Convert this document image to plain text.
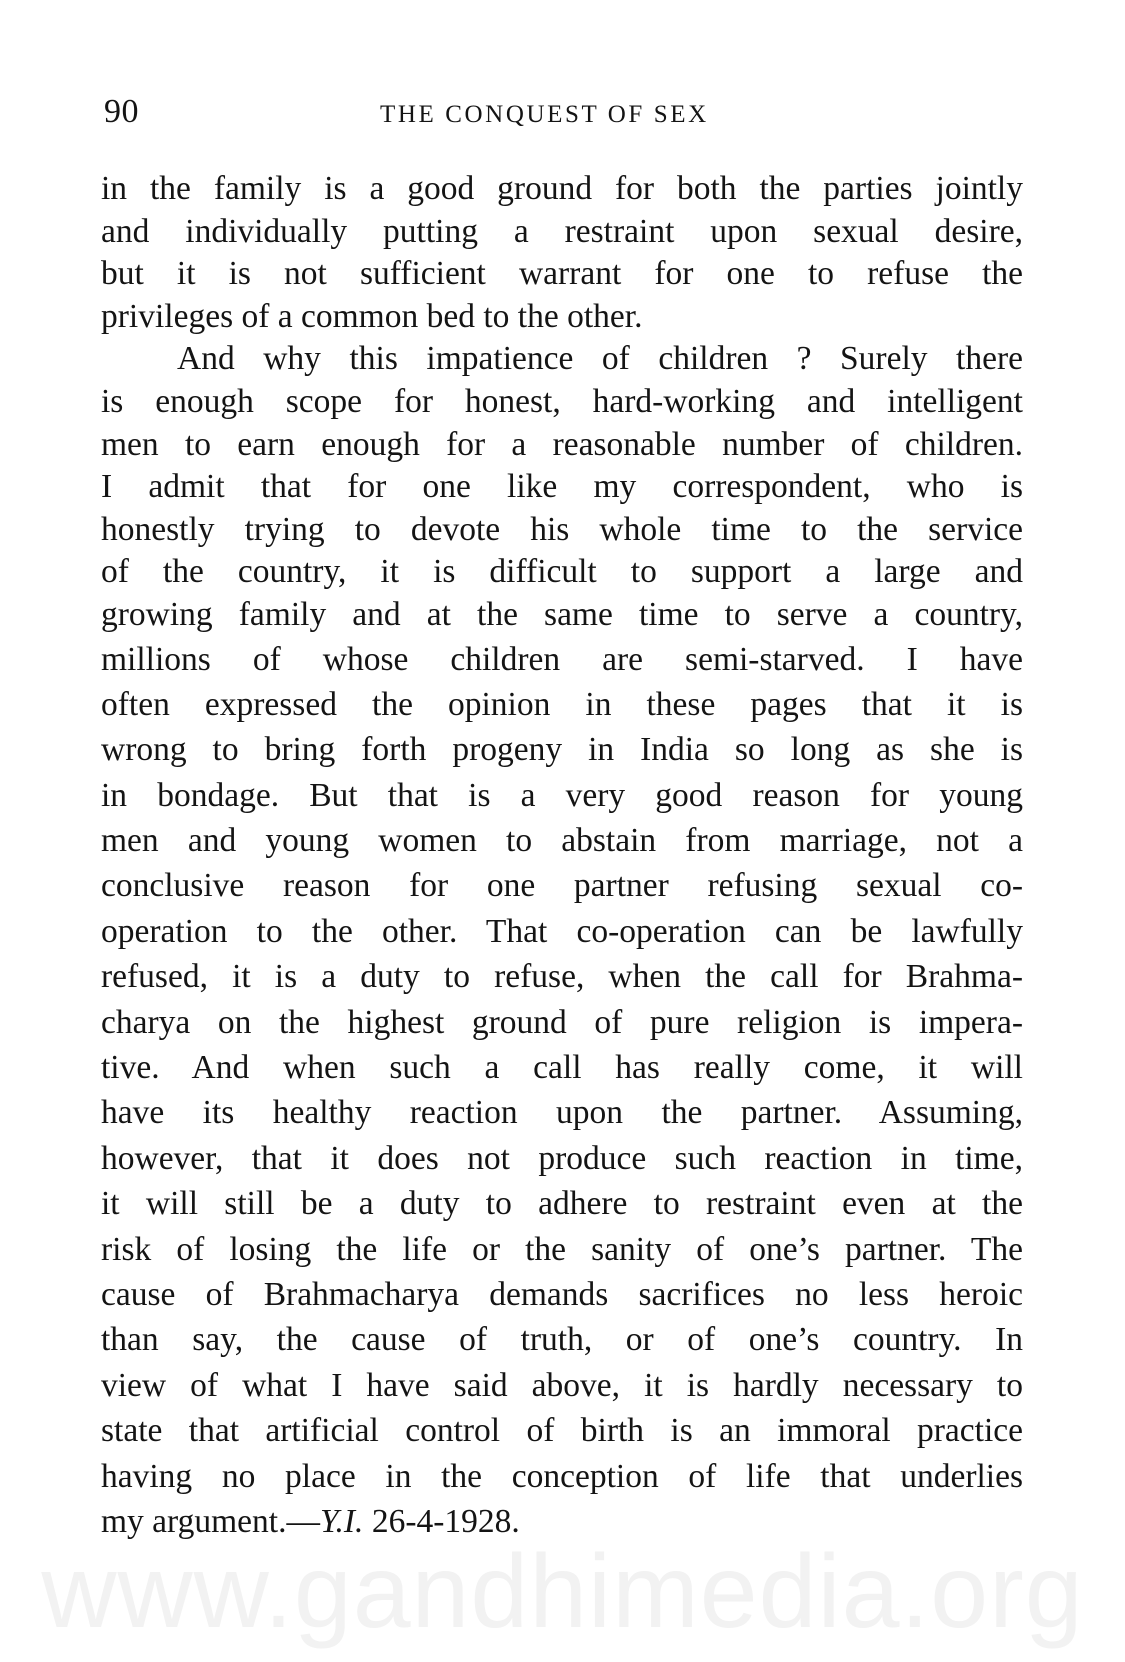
90	THE CONQUEST OF SEX
in the family is a good ground for both the parties jointly
and individually putting a restraint upon sexual desire,
but it is not sufficient warrant for one to refuse the
privileges of a common bed to the other.
And why this impatience of children ? Surely there
is enough scope for honest, hard-working and intelligent
men to earn enough for a reasonable number of children.
I admit that for one like my correspondent, who is
honestly trying to devote his whole time to the service
of the country, it is difficult to support a large and
growing family and at the same time to serve a country,
millions of whose children are semi-starved. I have
often expressed the opinion in these pages that it is
wrong to bring forth progeny in India so long as she is
in bondage. But that is a very good reason for young
men and young women to abstain from marriage, not a
conclusive reason for one partner refusing sexual co-
operation to the other. That co-operation can be lawfully
refused, it is a duty to refuse, when the call for Brahma-
charya on the highest ground of pure religion is impera-
tive. And when such a call has really come, it will
have its healthy reaction upon the partner. Assuming,
however, that it does not produce such reaction in time,
it will still be a duty to adhere to restraint even at the
risk of losing the life or the sanity of one’s partner. The
cause of Brahmacharya demands sacrifices no less heroic
than say, the cause of truth, or of one’s country. In
view of what I have said above, it is hardly necessary to
state that artificial control of birth is an immoral practice
having no place in the conception of life that underlies
my argument.—Y.I. 26-4-1928.
www.gandhimedia.org
